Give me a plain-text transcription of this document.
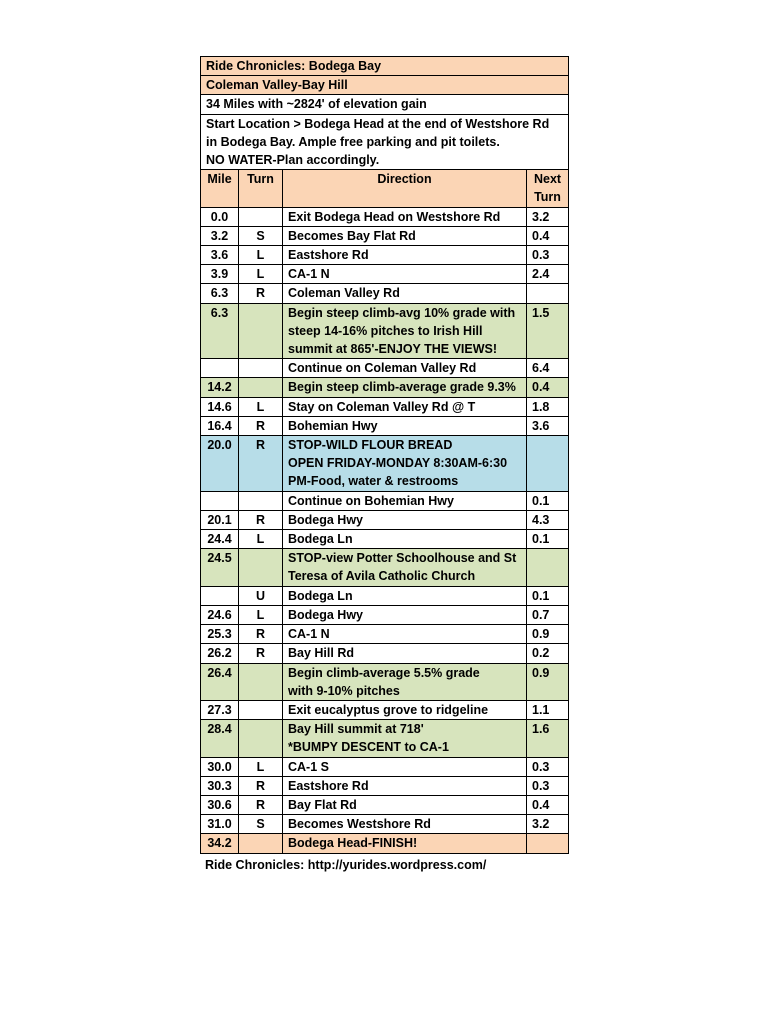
Ride Chronicles: Bodega Bay			

Coleman Valley-Bay Hill			

34 Miles with ~2824' of elevation gain			

Start Location > Bodega Head at the end of Westshore Rd
in Bodega Bay. Ample free parking and pit toilets.
NO WATER-Plan accordingly.			

Mile	Turn	Direction	Next
Turn

0.0		Exit Bodega Head on Westshore Rd	3.2
3.2	S	Becomes Bay Flat Rd	0.4
3.6	L	Eastshore Rd	0.3
3.9	L	CA-1 N	2.4
6.3	R	Coleman Valley Rd	
6.3		Begin steep climb-avg 10% grade with
steep 14-16% pitches to Irish Hill
summit at 865'-ENJOY THE VIEWS!	1.5
		Continue on Coleman Valley Rd	6.4
14.2		Begin steep climb-average grade 9.3%	0.4
14.6	L	Stay on Coleman Valley Rd @ T	1.8
16.4	R	Bohemian Hwy	3.6
20.0	R	STOP-WILD FLOUR BREAD
OPEN FRIDAY-MONDAY 8:30AM-6:30
PM-Food, water & restrooms	

		Continue on Bohemian Hwy	0.1
20.1	R	Bodega Hwy	4.3
24.4	L	Bodega Ln	0.1
24.5		STOP-view Potter Schoolhouse and St
Teresa of Avila Catholic Church	

	U	Bodega Ln	0.1
24.6	L	Bodega Hwy	0.7
25.3	R	CA-1 N	0.9
26.2	R	Bay Hill Rd	0.2
26.4		Begin climb-average 5.5% grade
with 9-10% pitches	0.9
27.3		Exit eucalyptus grove to ridgeline	1.1
28.4		Bay Hill summit at 718'
*BUMPY DESCENT to CA-1	1.6
30.0	L	CA-1 S	0.3
30.3	R	Eastshore Rd	0.3
30.6	R	Bay Flat Rd	0.4
31.0	S	Becomes Westshore Rd	3.2
34.2		Bodega Head-FINISH!	
Ride Chronicles: http://yurides.wordpress.com/
